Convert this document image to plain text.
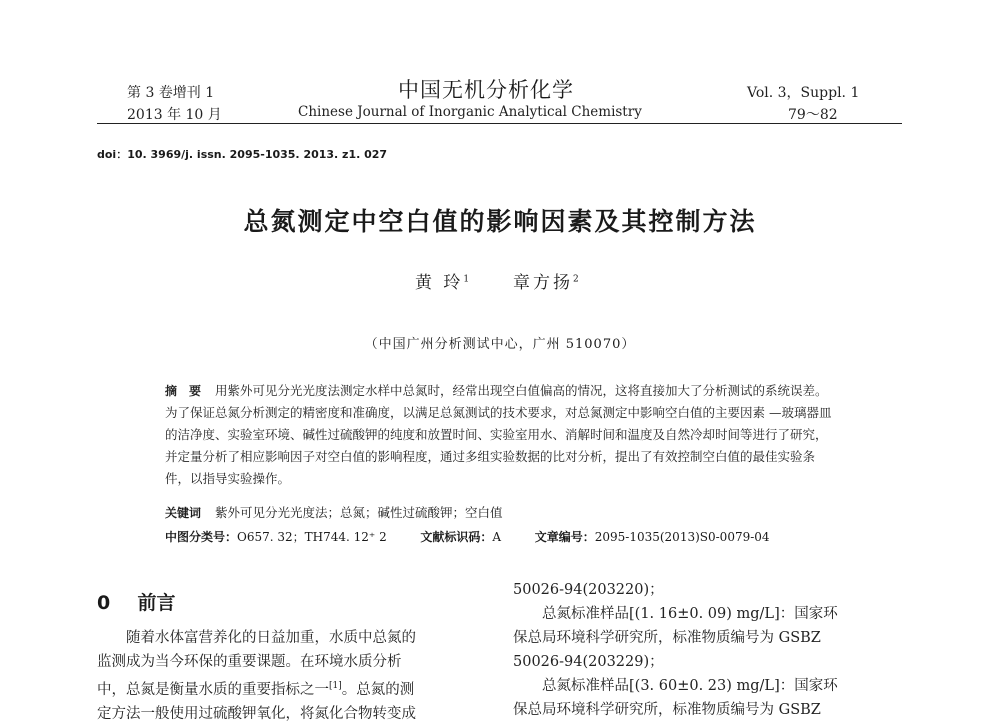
第 3 卷增刊 1
2013 年 10 月
中国无机分析化学
Chinese Journal of Inorganic Analytical Chemistry
Vol. 3，Suppl. 1
79～82
doi：10. 3969/j. issn. 2095-1035. 2013. z1. 027
总氮测定中空白值的影响因素及其控制方法
黄 玲$^1$ 章方扬$^2$
（中国广州分析测试中心，广州 510070）
摘　要 用紫外可见分光光度法测定水样中总氮时，经常出现空白值偏高的情况，这将直接加大了分析测试的系统误差。为了保证总氮分析测定的精密度和准确度，以满足总氮测试的技术要求，对总氮测定中影响空白值的主要因素 —玻璃器皿的洁净度、实验室环境、碱性过硫酸钾的纯度和放置时间、实验室用水、消解时间和温度及自然冷却时间等进行了研究，并定量分析了相应影响因子对空白值的影响程度，通过多组实验数据的比对分析，提出了有效控制空白值的最佳实验条件，以指导实验操作。
关键词 紫外可见分光光度法；总氮；碱性过硫酸钾；空白值
中图分类号：O657. 32；TH744. 12⁺ 2	文献标识码：A	文章编号：2095-1035(2013)S0-0079-04
0 前言
随着水体富营养化的日益加重，水质中总氮的
监测成为当今环保的重要课题。在环境水质分析
中，总氮是衡量水质的重要指标之一[1]。总氮的测
定方法一般使用过硫酸钾氧化，将氮化合物转变成
50026-94(203220)；
总氮标准样品[(1. 16±0. 09) mg/L]：国家环
保总局环境科学研究所，标准物质编号为 GSBZ
50026-94(203229)；
总氮标准样品[(3. 60±0. 23) mg/L]：国家环
保总局环境科学研究所，标准物质编号为 GSBZ
